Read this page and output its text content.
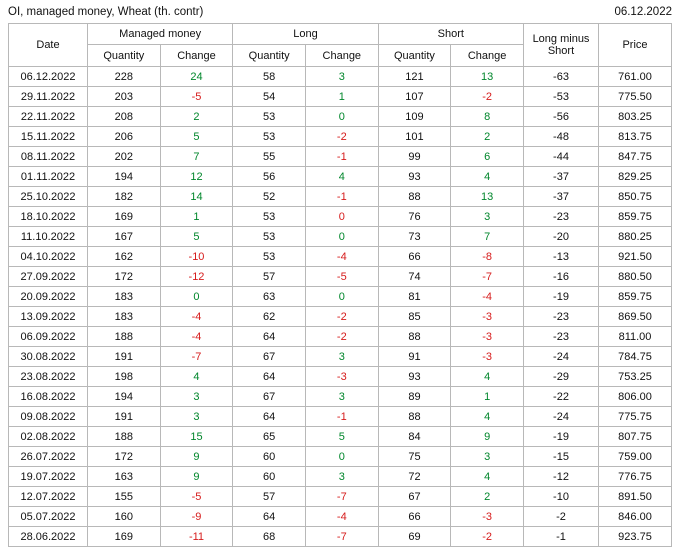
OI, managed money, Wheat (th. contr)	06.12.2022
Date	Managed money		Long		Short		Long minus Short	Price
	Quantity	Change	Quantity	Change	Quantity	Change		
06.12.2022	228	24	58	3	121	13	-63	761.00
29.11.2022	203	-5	54	1	107	-2	-53	775.50
22.11.2022	208	2	53	0	109	8	-56	803.25
15.11.2022	206	5	53	-2	101	2	-48	813.75
08.11.2022	202	7	55	-1	99	6	-44	847.75
01.11.2022	194	12	56	4	93	4	-37	829.25
25.10.2022	182	14	52	-1	88	13	-37	850.75
18.10.2022	169	1	53	0	76	3	-23	859.75
11.10.2022	167	5	53	0	73	7	-20	880.25
04.10.2022	162	-10	53	-4	66	-8	-13	921.50
27.09.2022	172	-12	57	-5	74	-7	-16	880.50
20.09.2022	183	0	63	0	81	-4	-19	859.75
13.09.2022	183	-4	62	-2	85	-3	-23	869.50
06.09.2022	188	-4	64	-2	88	-3	-23	811.00
30.08.2022	191	-7	67	3	91	-3	-24	784.75
23.08.2022	198	4	64	-3	93	4	-29	753.25
16.08.2022	194	3	67	3	89	1	-22	806.00
09.08.2022	191	3	64	-1	88	4	-24	775.75
02.08.2022	188	15	65	5	84	9	-19	807.75
26.07.2022	172	9	60	0	75	3	-15	759.00
19.07.2022	163	9	60	3	72	4	-12	776.75
12.07.2022	155	-5	57	-7	67	2	-10	891.50
05.07.2022	160	-9	64	-4	66	-3	-2	846.00
28.06.2022	169	-11	68	-7	69	-2	-1	923.75
